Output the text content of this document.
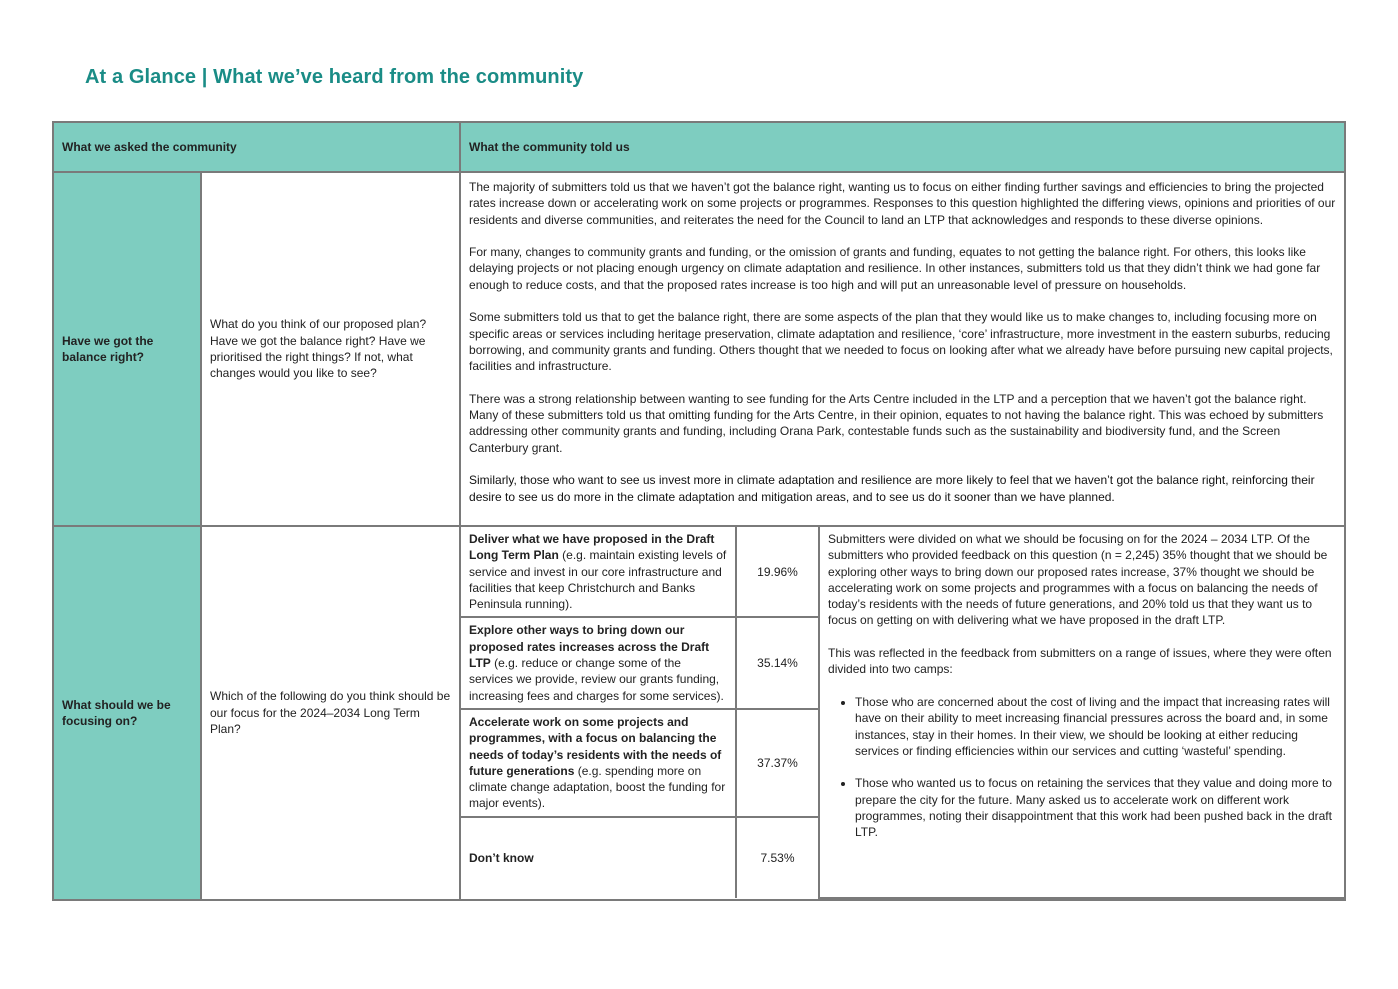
At a Glance | What we’ve heard from the community
What we asked the community	What the community told us
Have we got the balance right?	What do you think of our proposed plan? Have we got the balance right? Have we prioritised the right things? If not, what changes would you like to see?	

The majority of submitters told us that we haven’t got the balance right, wanting us to focus on either finding further savings and efficiencies to bring the projected rates increase down or accelerating work on some projects or programmes. Responses to this question highlighted the differing views, opinions and priorities of our residents and diverse communities, and reiterates the need for the Council to land an LTP that acknowledges and responds to these diverse opinions.

For many, changes to community grants and funding, or the omission of grants and funding, equates to not getting the balance right. For others, this looks like delaying projects or not placing enough urgency on climate adaptation and resilience. In other instances, submitters told us that they didn’t think we had gone far enough to reduce costs, and that the proposed rates increase is too high and will put an unreasonable level of pressure on households.

Some submitters told us that to get the balance right, there are some aspects of the plan that they would like us to make changes to, including focusing more on specific areas or services including heritage preservation, climate adaptation and resilience, ‘core’ infrastructure, more investment in the eastern suburbs, reducing borrowing, and community grants and funding. Others thought that we needed to focus on looking after what we already have before pursuing new capital projects, facilities and infrastructure.

There was a strong relationship between wanting to see funding for the Arts Centre included in the LTP and a perception that we haven’t got the balance right. Many of these submitters told us that omitting funding for the Arts Centre, in their opinion, equates to not having the balance right. This was echoed by submitters addressing other community grants and funding, including Orana Park, contestable funds such as the sustainability and biodiversity fund, and the Screen Canterbury grant.

Similarly, those who want to see us invest more in climate adaptation and resilience are more likely to feel that we haven’t got the balance right, reinforcing their desire to see us do more in the climate adaptation and mitigation areas, and to see us do it sooner than we have planned.

What should we be focusing on?	Which of the following do you think should be our focus for the 2024–2034 Long Term Plan?	
Deliver what we have proposed in the Draft Long Term Plan (e.g. maintain existing levels of service and invest in our core infrastructure and facilities that keep Christchurch and Banks Peninsula running).	19.96%	

Submitters were divided on what we should be focusing on for the 2024 – 2034 LTP. Of the submitters who provided feedback on this question (n = 2,245) 35% thought that we should be exploring other ways to bring down our proposed rates increase, 37% thought we should be accelerating work on some projects and programmes with a focus on balancing the needs of today’s residents with the needs of future generations, and 20% told us that they want us to focus on getting on with delivering what we have proposed in the draft LTP.

This was reflected in the feedback from submitters on a range of issues, where they were often divided into two camps:

• Those who are concerned about the cost of living and the impact that increasing rates will have on their ability to meet increasing financial pressures across the board and, in some instances, stay in their homes. In their view, we should be looking at either reducing services or finding efficiencies within our services and cutting ‘wasteful’ spending.
• Those who wanted us to focus on retaining the services that they value and doing more to prepare the city for the future. Many asked us to accelerate work on different work programmes, noting their disappointment that this work had been pushed back in the draft LTP.

Explore other ways to bring down our proposed rates increases across the Draft LTP (e.g. reduce or change some of the services we provide, review our grants funding, increasing fees and charges for some services).	35.14%
Accelerate work on some projects and programmes, with a focus on balancing the needs of today’s residents with the needs of future generations (e.g. spending more on climate change adaptation, boost the funding for major events).	37.37%
Don’t know	7.53%
